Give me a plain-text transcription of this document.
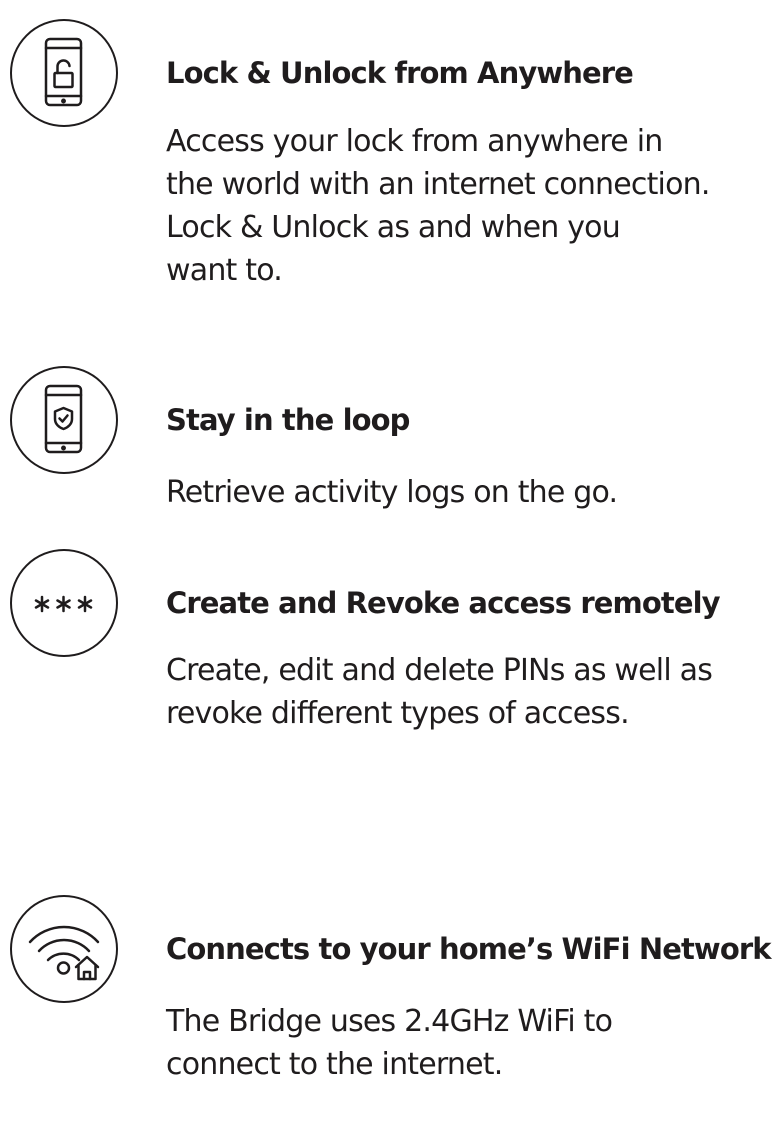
Lock & Unlock from Anywhere
Access your lock from anywhere in
the world with an internet connection.
Lock & Unlock as and when you
want to.
Stay in the loop
Retrieve activity logs on the go.
Create and Revoke access remotely
Create, edit and delete PINs as well as
revoke different types of access.
Connects to your home’s WiFi Network
The Bridge uses 2.4GHz WiFi to
connect to the internet.
